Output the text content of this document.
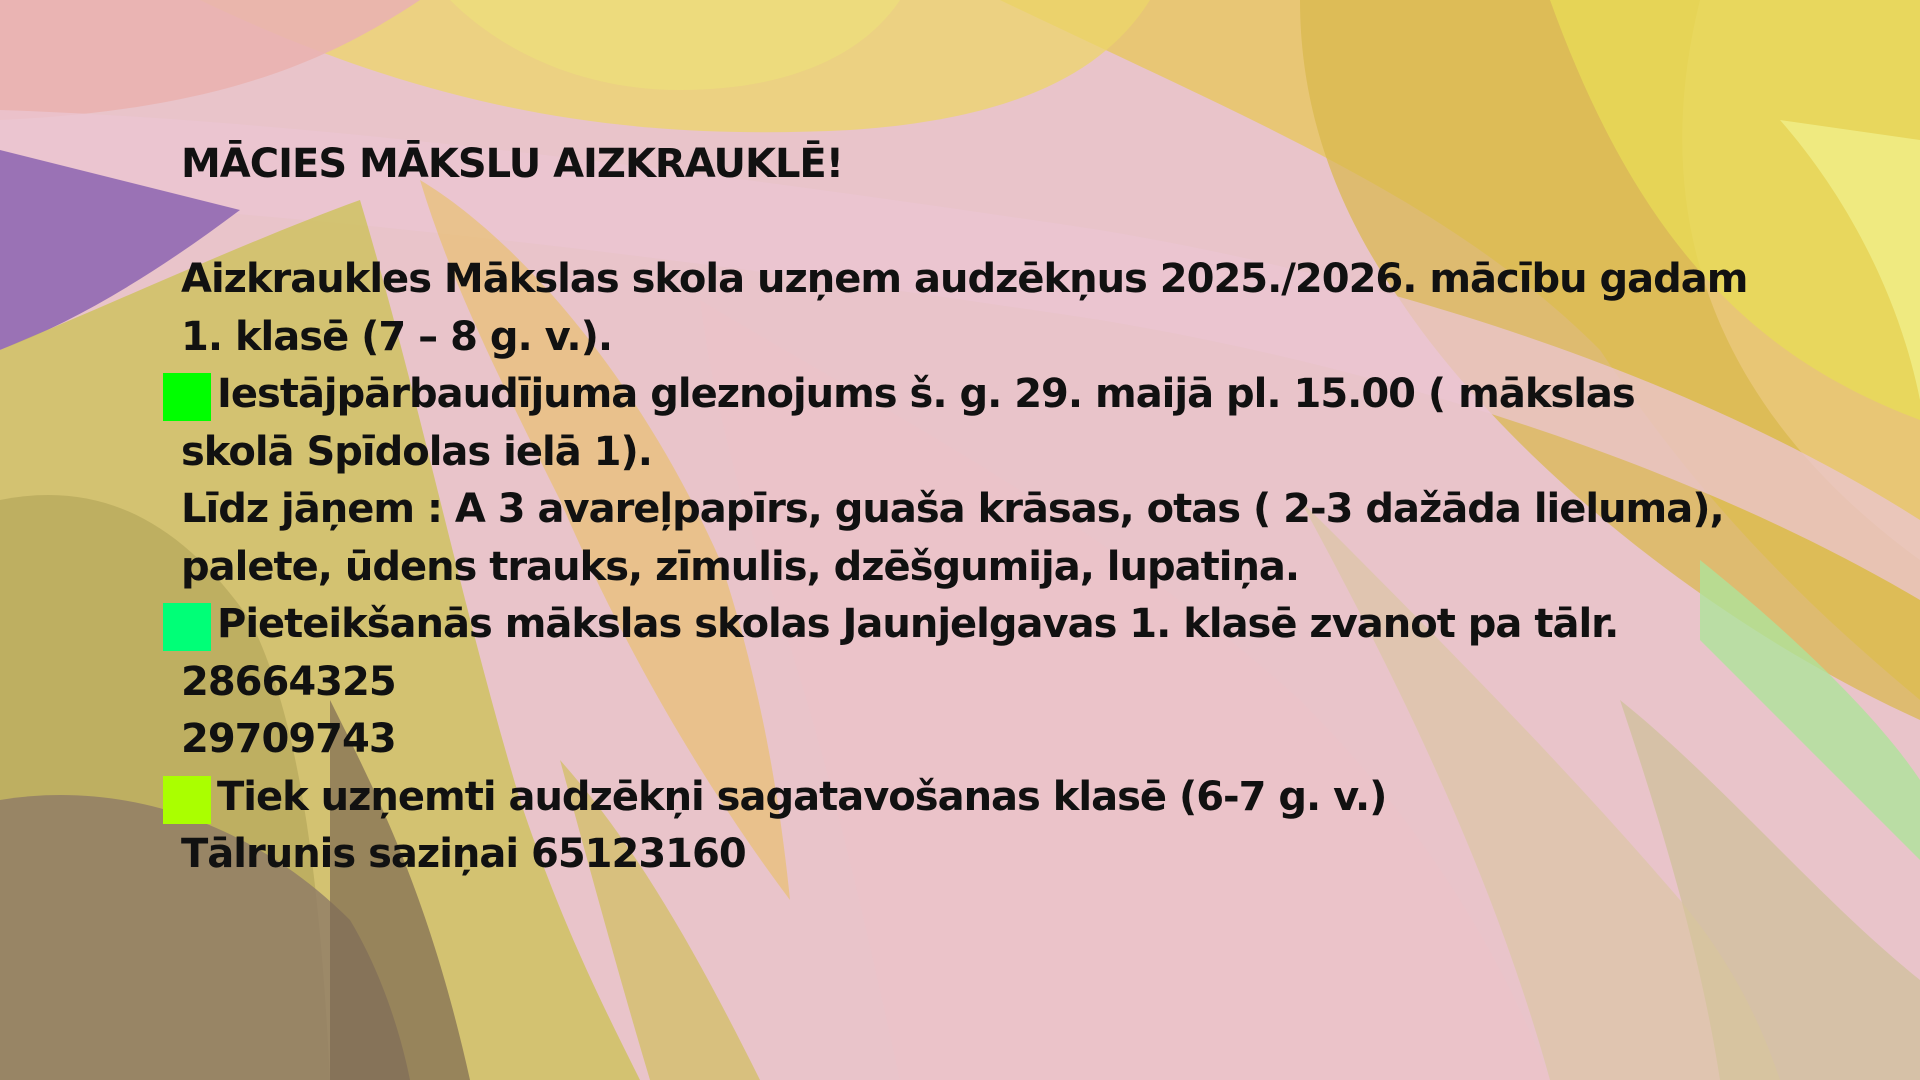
MĀCIES MĀKSLU AIZKRAUKLĒ!
Aizkraukles Mākslas skola uzņem audzēkņus 2025./2026. mācību gadam
1. klasē (7 – 8 g. v.).
Iestājpārbaudījuma gleznojums š. g. 29. maijā pl. 15.00 ( mākslas
skolā Spīdolas ielā 1).
Līdz jāņem : A 3 avareļpapīrs, guaša krāsas, otas ( 2-3 dažāda lieluma),
palete, ūdens trauks, zīmulis, dzēšgumija, lupatiņa.
Pieteikšanās mākslas skolas Jaunjelgavas 1. klasē zvanot pa tālr.
28664325
29709743
Tiek uzņemti audzēkņi sagatavošanas klasē (6-7 g. v.)
Tālrunis saziņai 65123160
